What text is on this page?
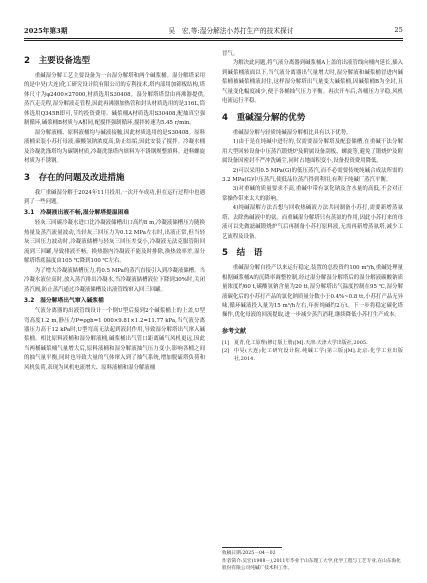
2025年第3期	吴　宏,等:湿分解法小苏打生产的技术探讨	25
2　主要设备选型

重碱湿分解工艺主要设备为一台湿分解塔和两个碱浆桶。湿分解塔采用的是中昊(大连)化工研究设计院有限公司的专利技术,塔内部用加筛板结构,塔体尺寸为φ2400×27000,材质选用S30408。湿分解塔塔盘由再沸器提供,蒸汽走壳程,湿分解液走管程,因此再沸器加热管和封头材质选用的是316L,筒体选用Q345R即可,节约投资费用。碱浆桶A材质选用S30408,配抽真空强制循环,碱浆桶B材质与A相同,配搅拌强制循环,搅拌转速为5.45 r/min。

湿分解液桶、原料液桶均与碱液接触,因此材质选用的是S30408。原料液桶采装小苏打母液,碳酸氢钠浓度高,防止结垢,因此安装了搅拌。冷凝水桶及冷凝洗涤塔均为碳钢材质,冷凝洗涤塔内填料为不锈钢规整填料。进料螺旋材质为不锈钢。

3　存在的问题及改进措施

我厂重碱湿分解于2024年11月投用,一次开车成功,但在运行过程中也遇到了一些问题。

3.1　冷凝液出液不畅,湿分解塔提温困难

轻灰三回碳冷凝水进口比冷凝液储槽出口高约8 m,冷凝液储槽压力随换热量及蒸汽流量波动,当轻灰三回压力为0.12 MPa左右时,出液正常,但当轻灰三回压力波动时,冷凝液储槽与轻灰三回压差变小,冷凝液无法克服管阻回流到三回罐,导致排液不畅。换热器内冷凝液不能及时排除,换热效率差,湿分解塔塔底温度由105 ℃降到100 ℃左右。

为了增大冷凝液储槽压力,将0.5 MPa的蒸汽直接引入到冷凝液储槽。当冷凝水液位高时,放入蒸汽排出冷凝水,当冷凝液储槽液位下降到30%时,关闭蒸汽阀,防止蒸汽通过冷凝液储槽及出液管线窜入回三回罐。

3.2　湿分解塔出气窜入碱浆桶

气液分离器的出液管线设计一个倒U型后接到2个碱浆桶上的上盖,U型弯高度1.2 m,静压力P=ρgh=1 000×9.81×1.2=11.77 kPa,当气液分离器压力高于12 kPa时,U型弯高无法起到液封作用,导致湿分解塔出气窜入碱浆桶。相比原料液桶和湿分解液桶,碱浆桶出气管口距离碱气风机更远,因此当两桶碱浆桶气量增大后,原料液桶和湿分解液抽气压力变小,影响各桶之间的抽气量平衡,同时也导致大量的气体窜入到了抽气系统,增加脱硫塔负荷和风机负荷,表现为风机电流增大、原料液桶和湿分解液桶

冒气。

为解决此问题,将气液分离器到碱浆桶A上盖的出液管线向桶内延长,插入到碱浆桶液面以下,当气液分离器出气量增大时,湿分解液和碱浆桶冒进内碱浆桶被碱浆桶液封住,这样湿分解塔出气量变大碱浆桶,因碱浆桶B为全封,且气量变化幅度减少,便于各桶抽气压力平衡。再次开车后,各桶压力平稳,风机电流运行平稳。

4　重碱湿分解的优势

重碱湿分解与轻质纯碱湿分解相比具有以下优势。

1)由于是在纯碱中进行的,仅需要湿分解塔及配套储槽,在重碱干法分解用大型回转设备中压蒸汽锻烧炉及附属设备刮板、螺旋等,避免了锻烧炉及附属设备因密封不严冲洗碱尘,同时占地面积变小,设备投资费用降低。

2)可以采用0.5 MPa(G)的低压蒸汽,而不必需要传统纯碱合成法所需的3.2 MPa(G)中压蒸汽,使低品位蒸汽得到利用,有利于纯碱厂蒸汽平衡。

3)对重碱的质量要求不高,重碱中带有氯化钠及含水量的高低,不会对正常操作带来太大的影响。

4)纯碱湿解方法否想与回收热碱液方法共同制备小苏打,需要新增蒸氨塔、去除热碱液中的氨。而重碱湿分解塔只有蒸氨的作用,因此小苏打来的母液可以先做滤碱锻烧炉气后再制备小苏打原料液,无需再新增蒸氨塔,减少工艺流程及设备。

5　结　语

重碱湿分解自投产以来运行稳定,装置的总投资约100 m³/h,重碱处理量根据碱浆桶A的沉降率调整控制,经过湿分解湿分解塔后的湿分解液碳酸钠质量浓度约60 t,碳酸氢钠含量为20 tt,湿分解塔出气温度控制在95 ℃,湿分解液碳化后的小苏打产品的氯化钠质量分数小于0.4%~0.8 tt,小苏打产品无异味,循环碱液投入量为15 m³/h左右,年折纯碱约2万t。下一步将稳定碳化塔操作,优化母液的回流提取,进一步减少蒸汽消耗,继续降低小苏打生产成本。

参考文献
[1] 夏青,化工原理(修订版上册)[M].天津:天津大学出版社,2005.
[2] 中昊(大连)化工研究设计院.纯碱工学(第三版)[M].北京:化学工业出版社,2014.
收稿日期:2025－04－02
作者简介:吴宏(1988－),2011年毕业于山东理工大学,化学工程与工艺专业,在山东海化股份有限公司纯碱厂技术科工作。
